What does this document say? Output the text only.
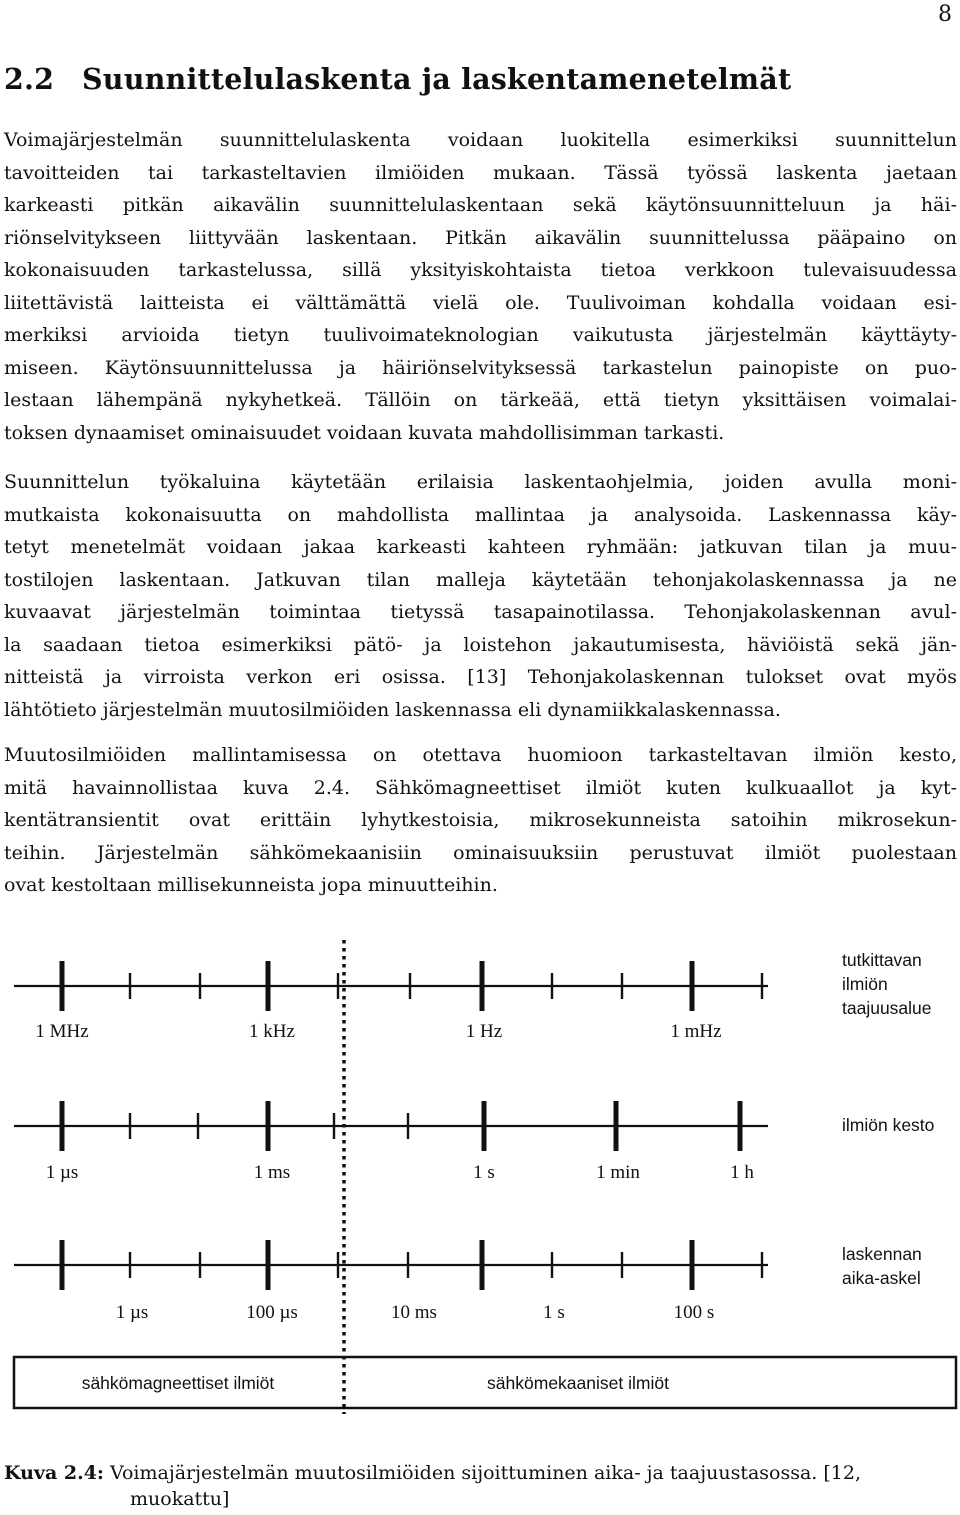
8
2.2 Suunnittelulaskenta ja laskentamenetelmät
Voimajärjestelmän suunnittelulaskenta voidaan luokitella esimerkiksi suunnittelun
tavoitteiden tai tarkasteltavien ilmiöiden mukaan. Tässä työssä laskenta jaetaan
karkeasti pitkän aikavälin suunnittelulaskentaan sekä käytönsuunnitteluun ja häi-
riönselvitykseen liittyvään laskentaan. Pitkän aikavälin suunnittelussa pääpaino on
kokonaisuuden tarkastelussa, sillä yksityiskohtaista tietoa verkkoon tulevaisuudessa
liitettävistä laitteista ei välttämättä vielä ole. Tuulivoiman kohdalla voidaan esi-
merkiksi arvioida tietyn tuulivoimateknologian vaikutusta järjestelmän käyttäyty-
miseen. Käytönsuunnittelussa ja häiriönselvityksessä tarkastelun painopiste on puo-
lestaan lähempänä nykyhetkeä. Tällöin on tärkeää, että tietyn yksittäisen voimalai-
toksen dynaamiset ominaisuudet voidaan kuvata mahdollisimman tarkasti.
Suunnittelun työkaluina käytetään erilaisia laskentaohjelmia, joiden avulla moni-
mutkaista kokonaisuutta on mahdollista mallintaa ja analysoida. Laskennassa käy-
tetyt menetelmät voidaan jakaa karkeasti kahteen ryhmään: jatkuvan tilan ja muu-
tostilojen laskentaan. Jatkuvan tilan malleja käytetään tehonjakolaskennassa ja ne
kuvaavat järjestelmän toimintaa tietyssä tasapainotilassa. Tehonjakolaskennan avul-
la saadaan tietoa esimerkiksi pätö- ja loistehon jakautumisesta, häviöistä sekä jän-
nitteistä ja virroista verkon eri osissa. [13] Tehonjakolaskennan tulokset ovat myös
lähtötieto järjestelmän muutosilmiöiden laskennassa eli dynamiikkalaskennassa.
Muutosilmiöiden mallintamisessa on otettava huomioon tarkasteltavan ilmiön kesto,
mitä havainnollistaa kuva 2.4. Sähkömagneettiset ilmiöt kuten kulkuaallot ja kyt-
kentätransientit ovat erittäin lyhytkestoisia, mikrosekunneista satoihin mikrosekun-
teihin. Järjestelmän sähkömekaanisiin ominaisuuksiin perustuvat ilmiöt puolestaan
ovat kestoltaan millisekunneista jopa minuutteihin.
1 MHz	1 kHz	1 Hz	1 mHz
tutkittavan
ilmiön
taajuusalue
1 µs	1 ms	1 s	1 min	1 h
ilmiön kesto
1 µs	100 µs	10 ms	1 s	100 s
laskennan
aika-askel
sähkömagneettiset ilmiöt	sähkömekaaniset ilmiöt

Kuva 2.4: Voimajärjestelmän muutosilmiöiden sijoittuminen aika- ja taajuustasossa. [12,
muokattu]
